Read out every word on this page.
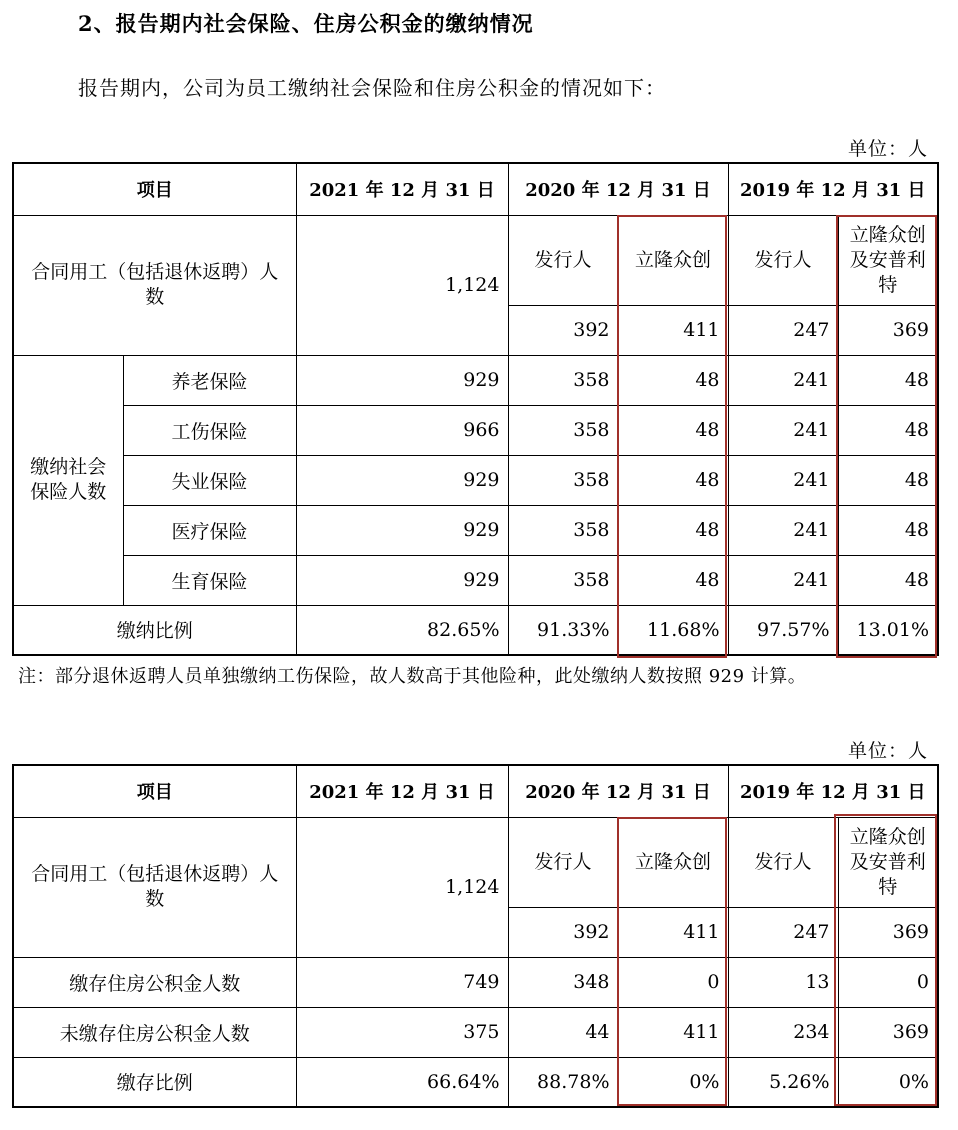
2、报告期内社会保险、住房公积金的缴纳情况
报告期内，公司为员工缴纳社会保险和住房公积金的情况如下：
单位：人
项目		2021 年 12 月 31 日	2020 年 12 月 31 日		2019 年 12 月 31 日	
合同用工（包括退休返聘）人数		1,124	发行人	立隆众创	发行人	立隆众创及安普利特
			392	411	247	369
缴纳社会保险人数	养老保险	929	358	48	241	48
	工伤保险	966	358	48	241	48
	失业保险	929	358	48	241	48
	医疗保险	929	358	48	241	48
	生育保险	929	358	48	241	48
缴纳比例		82.65%	91.33%	11.68%	97.57%	13.01%
注：部分退休返聘人员单独缴纳工伤保险，故人数高于其他险种，此处缴纳人数按照 929 计算。
单位：人
项目	2021 年 12 月 31 日	2020 年 12 月 31 日		2019 年 12 月 31 日	
合同用工（包括退休返聘）人数	1,124	发行人	立隆众创	发行人	立隆众创及安普利特
		392	411	247	369
缴存住房公积金人数	749	348	0	13	0
未缴存住房公积金人数	375	44	411	234	369
缴存比例	66.64%	88.78%	0%	5.26%	0%
